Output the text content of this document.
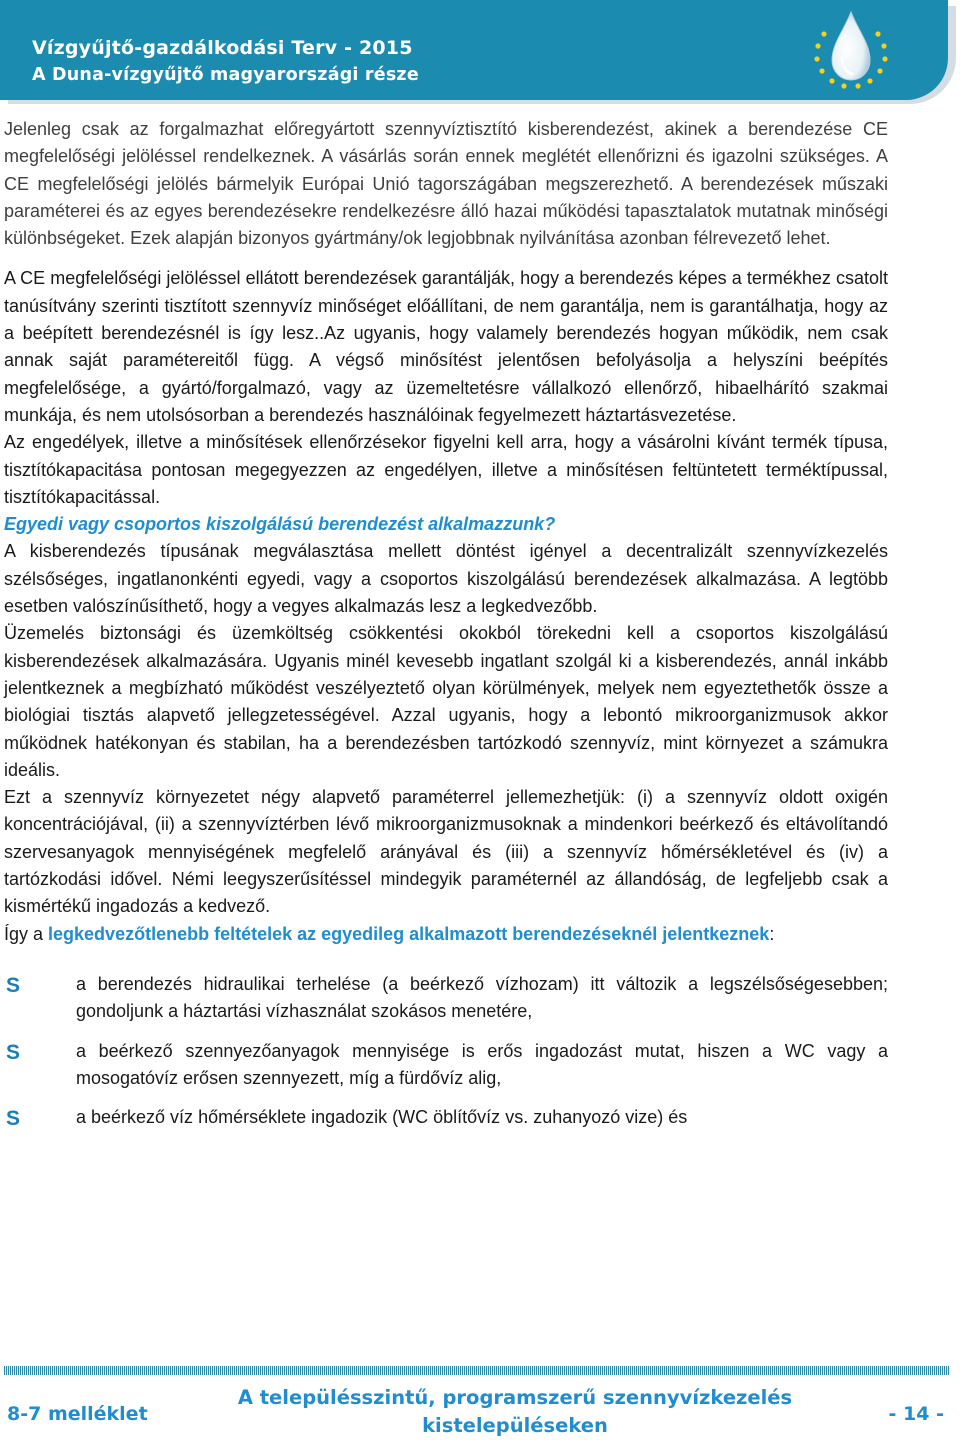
Vízgyűjtő-gazdálkodási Terv - 2015
A Duna-vízgyűjtő magyarországi része

Jelenleg csak az forgalmazhat előregyártott szennyvíztisztító kisberendezést, akinek a berendezése CE megfelelőségi jelöléssel rendelkeznek. A vásárlás során ennek meglétét ellenőrizni és igazolni szükséges. A CE megfelelőségi jelölés bármelyik Európai Unió tagországában megszerezhető. A berendezések műszaki paraméterei és az egyes berendezésekre rendelkezésre álló hazai működési tapasztalatok mutatnak minőségi különbségeket. Ezek alapján bizonyos gyártmány/ok legjobbnak nyilvánítása azonban félrevezető lehet.

A CE megfelelőségi jelöléssel ellátott berendezések garantálják, hogy a berendezés képes a termékhez csatolt tanúsítvány szerinti tisztított szennyvíz minőséget előállítani, de nem garantálja, nem is garantálhatja, hogy az a beépített berendezésnél is így lesz..Az ugyanis, hogy valamely berendezés hogyan működik, nem csak annak saját paramétereitől függ. A végső minősítést jelentősen befolyásolja a helyszíni beépítés megfelelősége, a gyártó/forgalmazó, vagy az üzemeltetésre vállalkozó ellenőrző, hibaelhárító szakmai munkája, és nem utolsósorban a berendezés használóinak fegyelmezett háztartásvezetése.

Az engedélyek, illetve a minősítések ellenőrzésekor figyelni kell arra, hogy a vásárolni kívánt termék típusa, tisztítókapacitása pontosan megegyezzen az engedélyen, illetve a minősítésen feltüntetett terméktípussal, tisztítókapacitással.

Egyedi vagy csoportos kiszolgálású berendezést alkalmazzunk?

A kisberendezés típusának megválasztása mellett döntést igényel a decentralizált szennyvízkezelés szélsőséges, ingatlanonkénti egyedi, vagy a csoportos kiszolgálású berendezések alkalmazása. A legtöbb esetben valószínűsíthető, hogy a vegyes alkalmazás lesz a legkedvezőbb.

Üzemelés biztonsági és üzemköltség csökkentési okokból törekedni kell a csoportos kiszolgálású kisberendezések alkalmazására. Ugyanis minél kevesebb ingatlant szolgál ki a kisberendezés, annál inkább jelentkeznek a megbízható működést veszélyeztető olyan körülmények, melyek nem egyeztethetők össze a biológiai tisztás alapvető jellegzetességével. Azzal ugyanis, hogy a lebontó mikroorganizmusok akkor működnek hatékonyan és stabilan, ha a berendezésben tartózkodó szennyvíz, mint környezet a számukra ideális.

Ezt a szennyvíz környezetet négy alapvető paraméterrel jellemezhetjük: (i) a szennyvíz oldott oxigén koncentrációjával, (ii) a szennyvíztérben lévő mikroorganizmusoknak a mindenkori beérkező és eltávolítandó szervesanyagok mennyiségének megfelelő arányával és (iii) a szennyvíz hőmérsékletével és (iv) a tartózkodási idővel. Némi leegyszerűsítéssel mindegyik paraméternél az állandóság, de legfeljebb csak a kismértékű ingadozás a kedvező.

Így a legkedvezőtlenebb feltételek az egyedileg alkalmazott berendezéseknél jelentkeznek:

S	a berendezés hidraulikai terhelése (a beérkező vízhozam) itt változik a legszélsőségesebben; gondoljunk a háztartási vízhasználat szokásos menetére,
S	a beérkező szennyezőanyagok mennyisége is erős ingadozást mutat, hiszen a WC vagy a mosogatóvíz erősen szennyezett, míg a fürdővíz alig,
S	a beérkező víz hőmérséklete ingadozik (WC öblítővíz vs. zuhanyozó vize) és
8-7 melléklet
A településszintű, programszerű szennyvízkezelés
kistelepüléseken	- 14 -
